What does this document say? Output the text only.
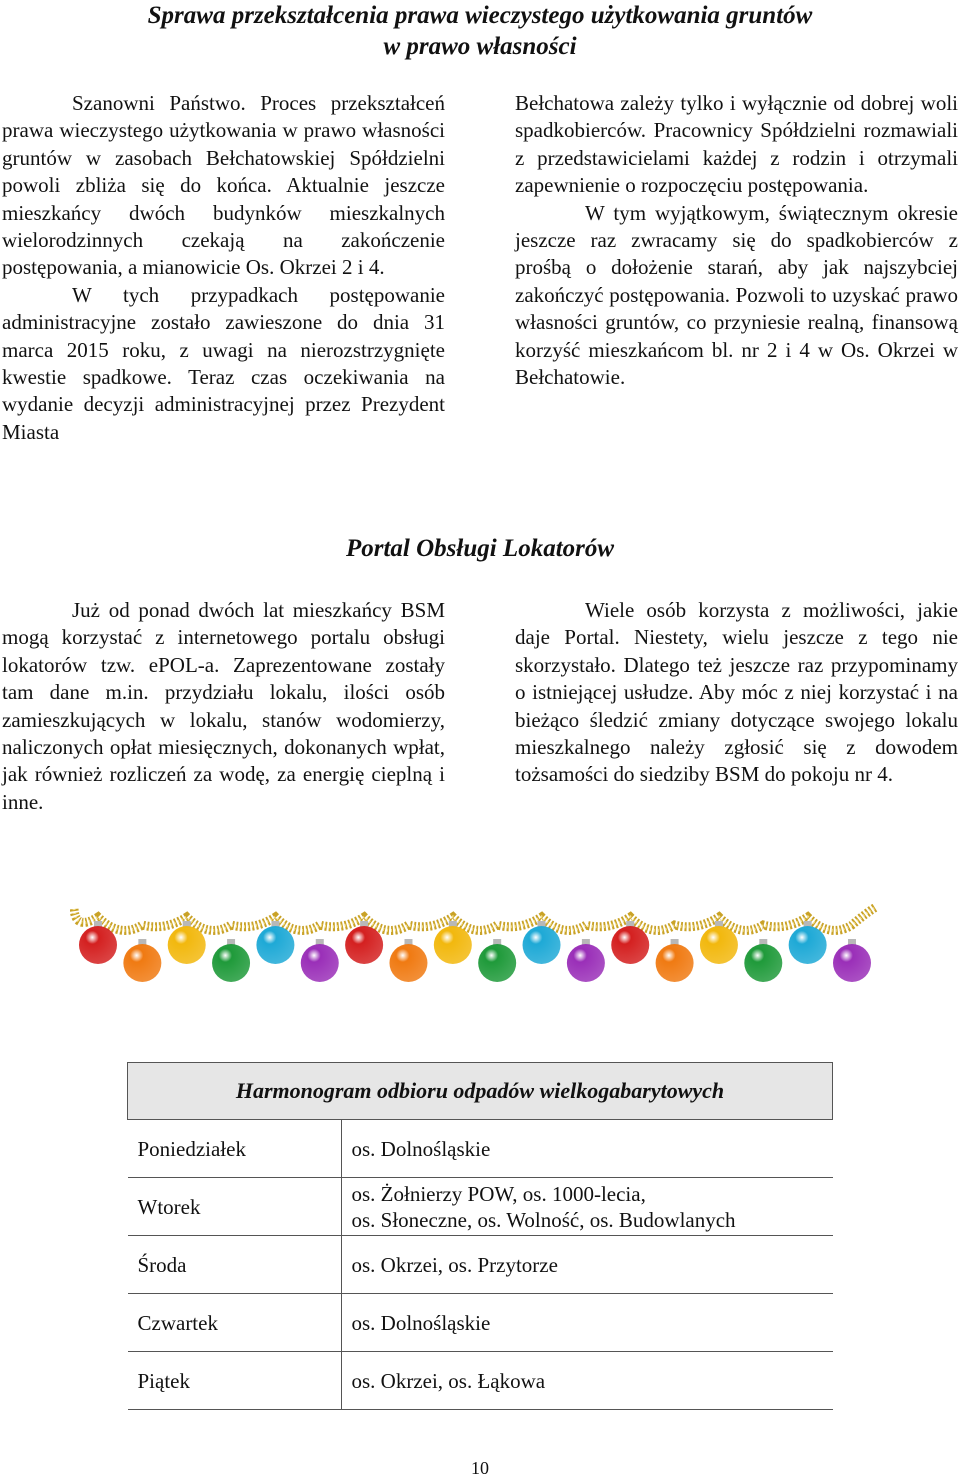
Sprawa przekształcenia prawa wieczystego użytkowania gruntów
w prawo własności

Szanowni Państwo. Proces przekształceń prawa wieczystego użytkowania w prawo własności gruntów w zasobach Bełchatowskiej Spółdzielni powoli zbliża się do końca. Aktualnie jeszcze mieszkańcy dwóch budynków mieszkalnych wielorodzinnych czekają na zakończenie postępowania, a mianowicie Os. Okrzei 2 i 4.

W tych przypadkach postępowanie administracyjne zostało zawieszone do dnia 31 marca 2015 roku, z uwagi na nierozstrzygnięte kwestie spadkowe. Teraz czas oczekiwania na wydanie decyzji administracyjnej przez Prezydent Miasta

Bełchatowa zależy tylko i wyłącznie od dobrej woli spadkobierców. Pracownicy Spółdzielni rozmawiali z przedstawicielami każdej z rodzin i otrzymali zapewnienie o rozpoczęciu postępowania.

W tym wyjątkowym, świątecznym okresie jeszcze raz zwracamy się do spadkobierców z prośbą o dołożenie starań, aby jak najszybciej zakończyć postępowania. Pozwoli to uzyskać prawo własności gruntów, co przyniesie realną, finansową korzyść mieszkańcom bl. nr 2 i 4 w Os. Okrzei w Bełchatowie.

Portal Obsługi Lokatorów

Już od ponad dwóch lat mieszkańcy BSM mogą korzystać z internetowego portalu obsługi lokatorów tzw. ePOL-a. Zaprezentowane zostały tam dane m.in. przydziału lokalu, ilości osób zamieszkujących w lokalu, stanów wodomierzy, naliczonych opłat miesięcznych, dokonanych wpłat, jak również rozliczeń za wodę, za energię cieplną i inne.

Wiele osób korzysta z możliwości, jakie daje Portal. Niestety, wielu jeszcze z tego nie skorzystało. Dlatego też jeszcze raz przypominamy o istniejącej usłudze. Aby móc z niej korzystać i na bieżąco śledzić zmiany dotyczące swojego lokalu mieszkalnego należy zgłosić się z dowodem tożsamości do siedziby BSM do pokoju nr 4.

Harmonogram odbioru odpadów wielkogabarytowych	
Poniedziałek	os. Dolnośląskie

Wtorek	os. Żołnierzy POW, os. 1000-lecia,
os. Słoneczne, os. Wolność, os. Budowlanych

Środa	os. Okrzei, os. Przytorze

Czwartek	os. Dolnośląskie

Piątek	os. Okrzei, os. Łąkowa
10
